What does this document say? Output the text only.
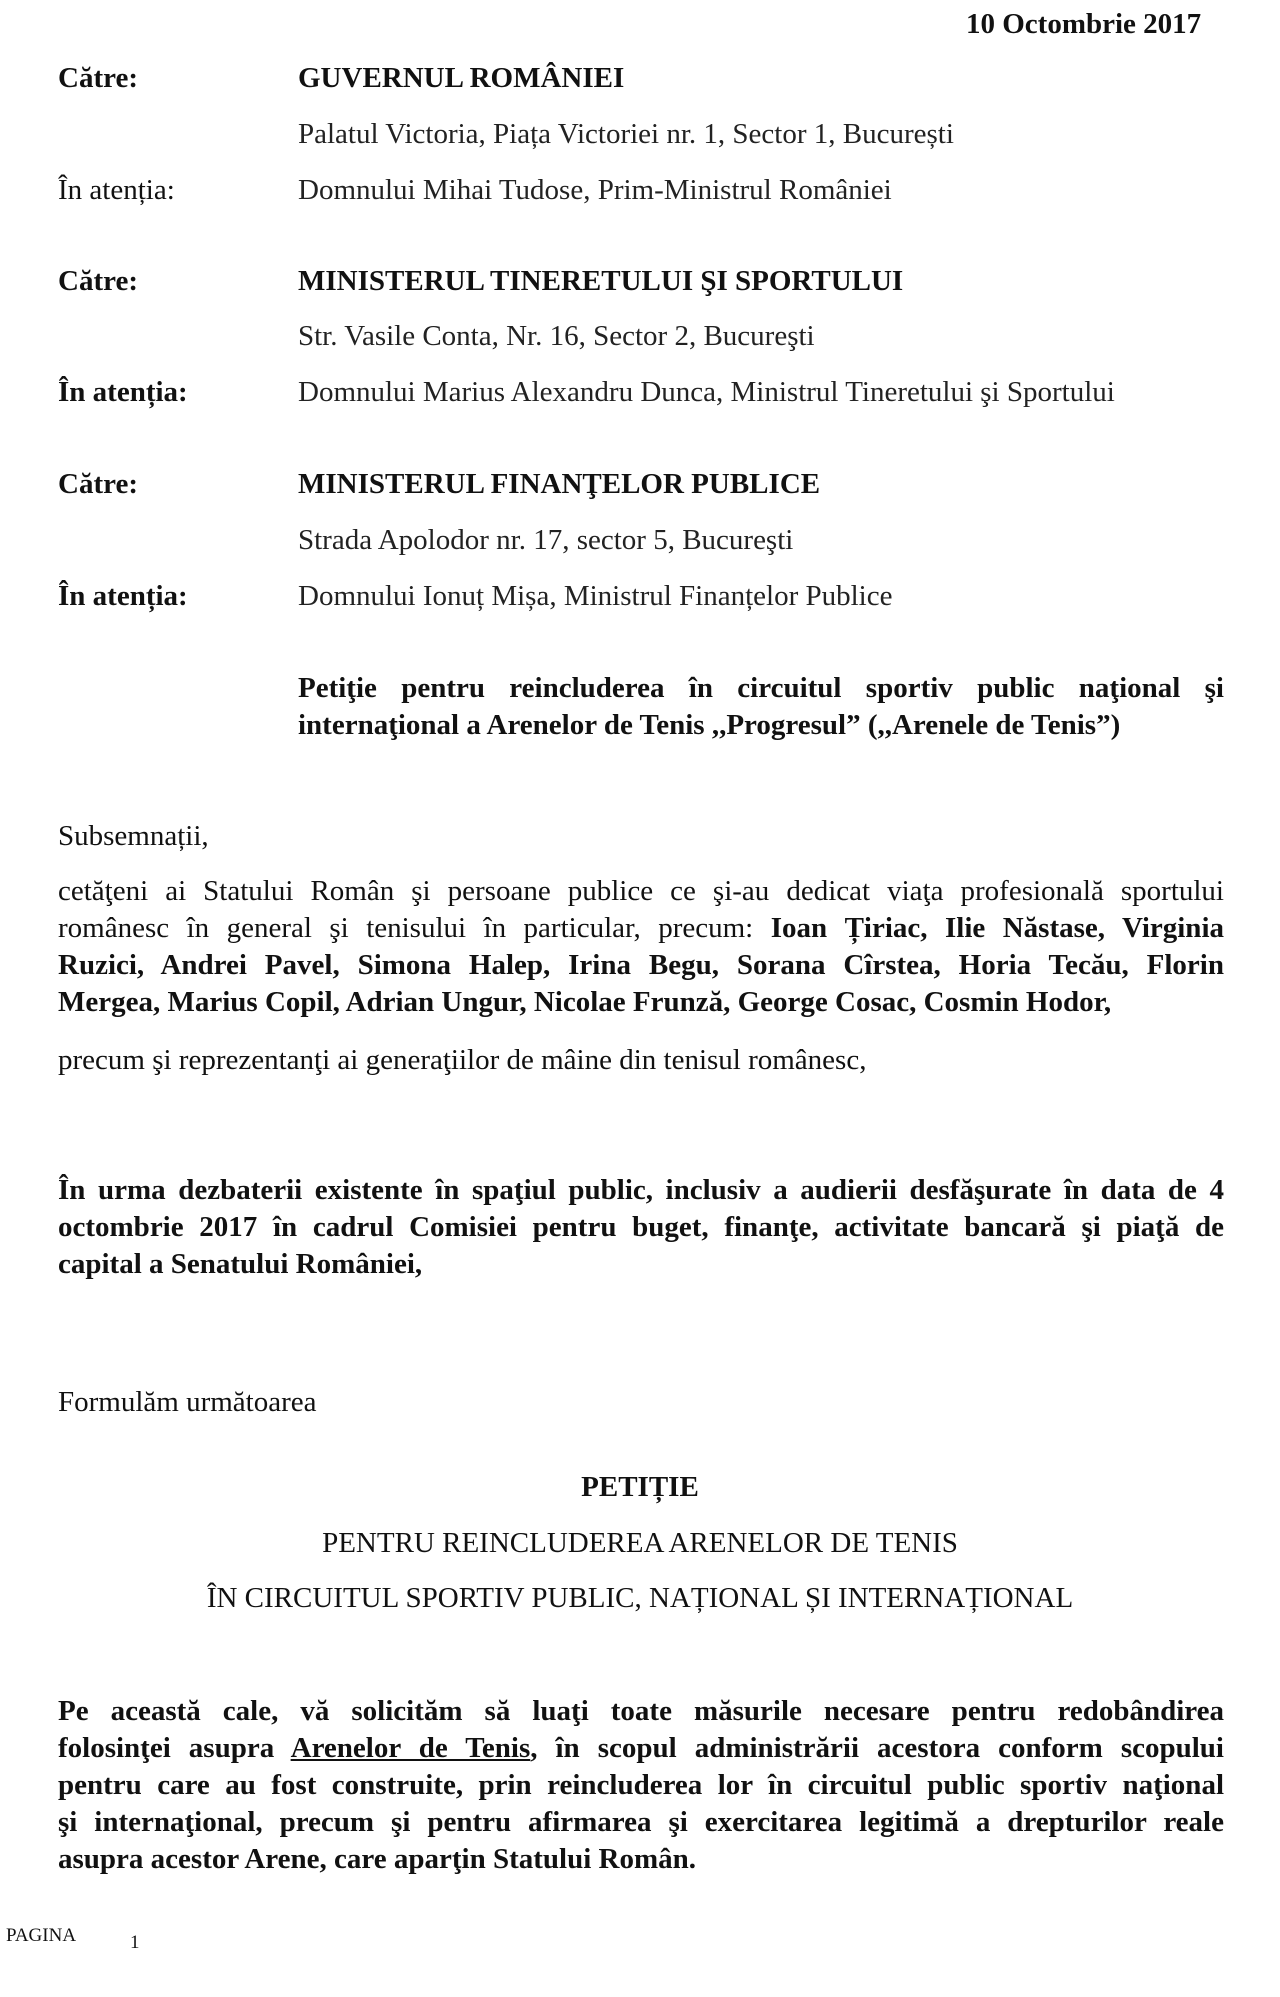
10 Octombrie 2017
Către:	GUVERNUL ROMÂNIEI
Palatul Victoria, Piața Victoriei nr. 1, Sector 1, București
În atenția:	Domnului Mihai Tudose, Prim-Ministrul României
Către:	MINISTERUL TINERETULUI ŞI SPORTULUI
Str. Vasile Conta, Nr. 16, Sector 2, Bucureşti
În atenția:	Domnului Marius Alexandru Dunca, Ministrul Tineretului şi Sportului
Către:	MINISTERUL FINANŢELOR PUBLICE
Strada Apolodor nr. 17, sector 5, Bucureşti
În atenția:	Domnului Ionuț Mișa, Ministrul Finanțelor Publice
Petiţie pentru reincluderea în circuitul sportiv public naţional şi
internaţional a Arenelor de Tenis ,,Progresul” (,,Arenele de Tenis”)
Subsemnații,
cetăţeni ai Statului Român şi persoane publice ce şi-au dedicat viaţa profesională sportului
românesc în general şi tenisului în particular, precum: Ioan Țiriac, Ilie Năstase, Virginia
Ruzici, Andrei Pavel, Simona Halep, Irina Begu, Sorana Cîrstea, Horia Tecău, Florin
Mergea, Marius Copil, Adrian Ungur, Nicolae Frunză, George Cosac, Cosmin Hodor,
precum şi reprezentanţi ai generaţiilor de mâine din tenisul românesc,
În urma dezbaterii existente în spaţiul public, inclusiv a audierii desfăşurate în data de 4
octombrie 2017 în cadrul Comisiei pentru buget, finanţe, activitate bancară şi piaţă de
capital a Senatului României,
Formulăm următoarea
PETIȚIE
PENTRU REINCLUDEREA ARENELOR DE TENIS
ÎN CIRCUITUL SPORTIV PUBLIC, NAȚIONAL ȘI INTERNAȚIONAL
Pe această cale, vă solicităm să luaţi toate măsurile necesare pentru redobândirea
folosinţei asupra Arenelor de Tenis, în scopul administrării acestora conform scopului
pentru care au fost construite, prin reincluderea lor în circuitul public sportiv naţional
şi internaţional, precum şi pentru afirmarea şi exercitarea legitimă a drepturilor reale
asupra acestor Arene, care aparţin Statului Român.
PAGINA	1
